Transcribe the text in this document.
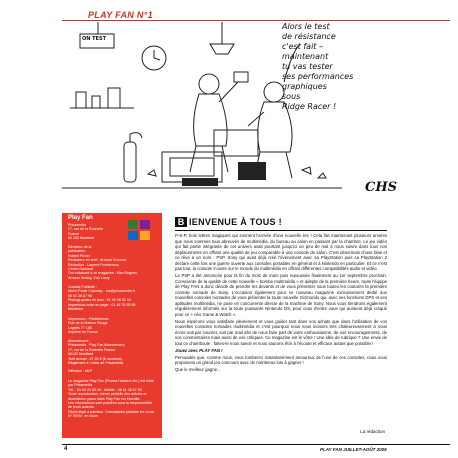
PLAY FAN N°1
ON TEST
Alors le test
de résistance
c'est fait –
maintenant
tu vas tester
ses performances
graphiques
sous
Ridge Racer !
CHS
Play Fan
Prisamedia
27, rue de la Rochelle
France
60 100 Montiard
Directeur de la
publication :
Hubert Pichet
Rédacteur en chef : Arnaud Grouard
Rédaction : Laurent Pombernou
Cédric Godunot
Ont collaboré à ce magazine : Max Reguex,
Arnaud Verbuy, Zaïr Lamy
Contact Publicité :
Marie-Paule Colomsp - ms@prisamedia.fr
06 61 38 67 90
Photographies de jeux : 01 49 98 52 34
Impression-mise en page : 01 46 75 28 58
Monthrun
Impression : Printéformex
Rue de la Maison Rouge
Lognes 77 185
Imprimé en France
Abonnement :
Prisamedia - Play Fan Abonnement
27, rue de la Rochelle France
60100 Montiard
Tarif annuel : 27,40 € (6 numéros)
Règlement à l'ordre de Prisamedia
Diffusion : MLP
Le magazine Play Fan (Prisma Hackers etc.) est édité
par Prisamedia.
Tél. : 01 54 21 53 00 - Mobile : 06 61 38 67 90
Toute reproduction, même partielle des articles et
illustrations parus dans Play Fan est interdite.
Les informations sont publiées sous la responsabilité
de leurs auteurs.
Dépôt légal à parution. Commission paritaire en cours.
N° ISSN : en cours
B IENVENUE À TOUS !

P-S-P, trois lettres magiques qui sonnent l'arrivée d'une nouvelle ère ! Cela fait maintenant plusieurs années que nous sommes tous abreuvés de multimédia, du bureau au salon en passant par la chambre. Le jeu vidéo qui fait partie intégrante de cet univers avait pourtant jusqu'ici un peu de mal à nous suivre dans tous nos déplacements en offrant une qualité de jeu comparable à une console de salon. C'est désormais chose faite et ce rêve a un nom : PSP. Sony qui avait déjà créé l'événement avec sa PlayStation puis sa PlayStation 2 déclare cette fois une guerre ouverte aux consoles portables en général et à Nintendo en particulier. Et ce n'est pas tout, la console s'ouvre sur le monde du multimédia en offrant différentes compatibilités audio et vidéo.

La PSP a été annoncée pour la fin du mois de mars puis repoussée finalement au 1er septembre prochain. Consciente de la qualité de cette nouvelle « bombe multimédia » et adepte de la première heure, toute l'équipe de Play FAN a donc décidé de prendre les devants et de vous présenter sous toutes les coutures la première console nomade de Sony. L'occasion également pour ce nouveau magazine exclusivement dédié aux nouvelles consoles nomades de vous présenter la toute nouvelle Gizmondo qui, avec ses fonctions GPS et ses aptitudes multimédia, ne pose en concurrente directe de la machine de Sony. Nous vous tiendrons également régulièrement informés sur la toute puissante Nintendo DS, pour ceux d'entre vous qui auraient déjà craqué pour ce « néo Game & Watch ».

Nous espérons vous satisfaire pleinement et vous guider tant dans vos achats que dans l'utilisation de vos nouvelles consoles nomades multimédia et c'est pourquoi nous vous incitons très chaleureusement à nous écrire soit par courrier, soit par mail afin de nous faire part de votre enthousiasme, de vos encouragements, de vos commentaires mais aussi de vos critiques. Ce magazine est le vôtre ! Une idée de rubrique ? Une envie de tout ce chamboule : faites-le nous savoir et nous saurons être à l'écoute et efficace autant que possible !

Jouez avec PLAY FAN !

Persuadés que, comme nous, vous tomberez instantanément amoureux de l'une de ces consoles, nous vous proposons un grand jeu concours avec de nombreux lots à gagner !

Que le meilleur gagne...

La rédaction
4	PLAY FAN JUILLET-AOÛT 2005
